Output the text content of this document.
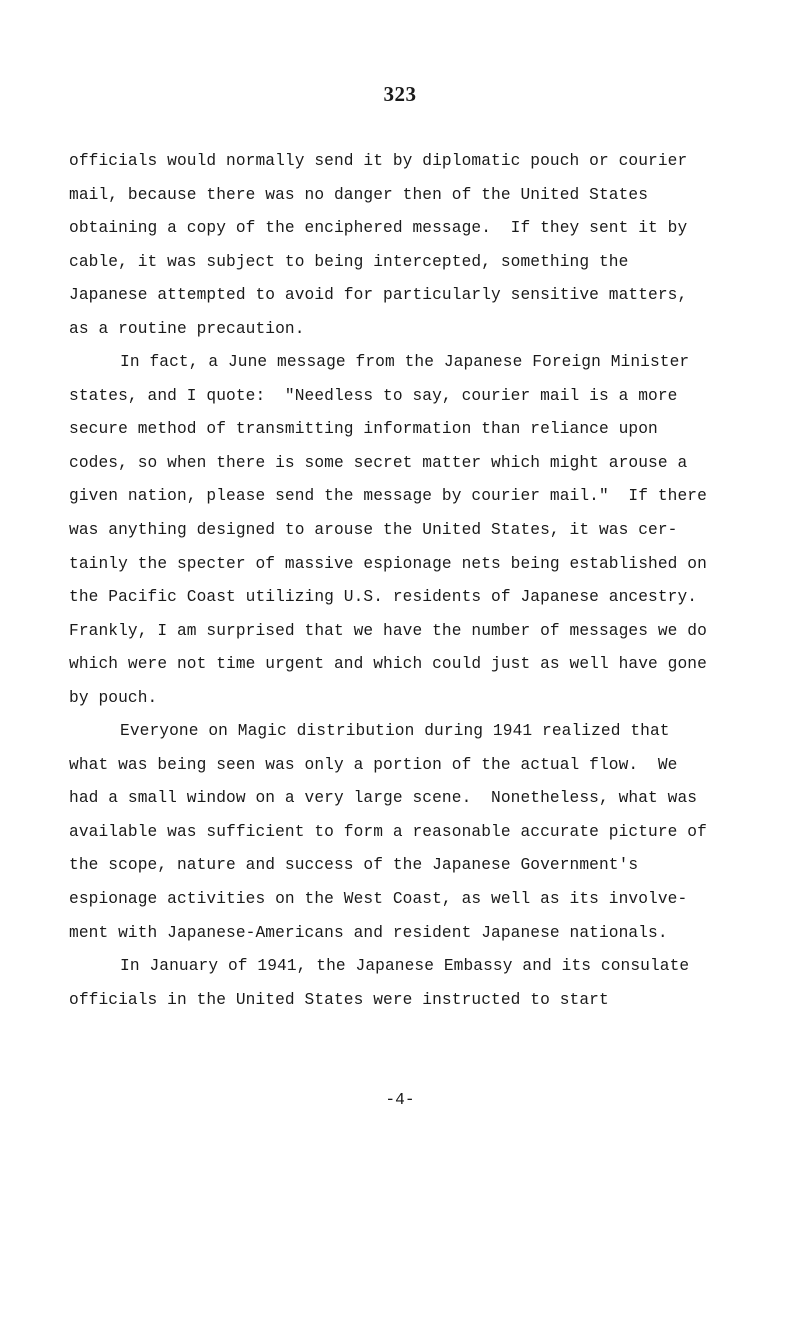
323
officials would normally send it by diplomatic pouch or courier
mail, because there was no danger then of the United States
obtaining a copy of the enciphered message.  If they sent it by
cable, it was subject to being intercepted, something the
Japanese attempted to avoid for particularly sensitive matters,
as a routine precaution.
In fact, a June message from the Japanese Foreign Minister
states, and I quote:  "Needless to say, courier mail is a more
secure method of transmitting information than reliance upon
codes, so when there is some secret matter which might arouse a
given nation, please send the message by courier mail."  If there
was anything designed to arouse the United States, it was cer-
tainly the specter of massive espionage nets being established on
the Pacific Coast utilizing U.S. residents of Japanese ancestry.
Frankly, I am surprised that we have the number of messages we do
which were not time urgent and which could just as well have gone
by pouch.
Everyone on Magic distribution during 1941 realized that
what was being seen was only a portion of the actual flow.  We
had a small window on a very large scene.  Nonetheless, what was
available was sufficient to form a reasonable accurate picture of
the scope, nature and success of the Japanese Government's
espionage activities on the West Coast, as well as its involve-
ment with Japanese-Americans and resident Japanese nationals.
In January of 1941, the Japanese Embassy and its consulate
officials in the United States were instructed to start
-4-
